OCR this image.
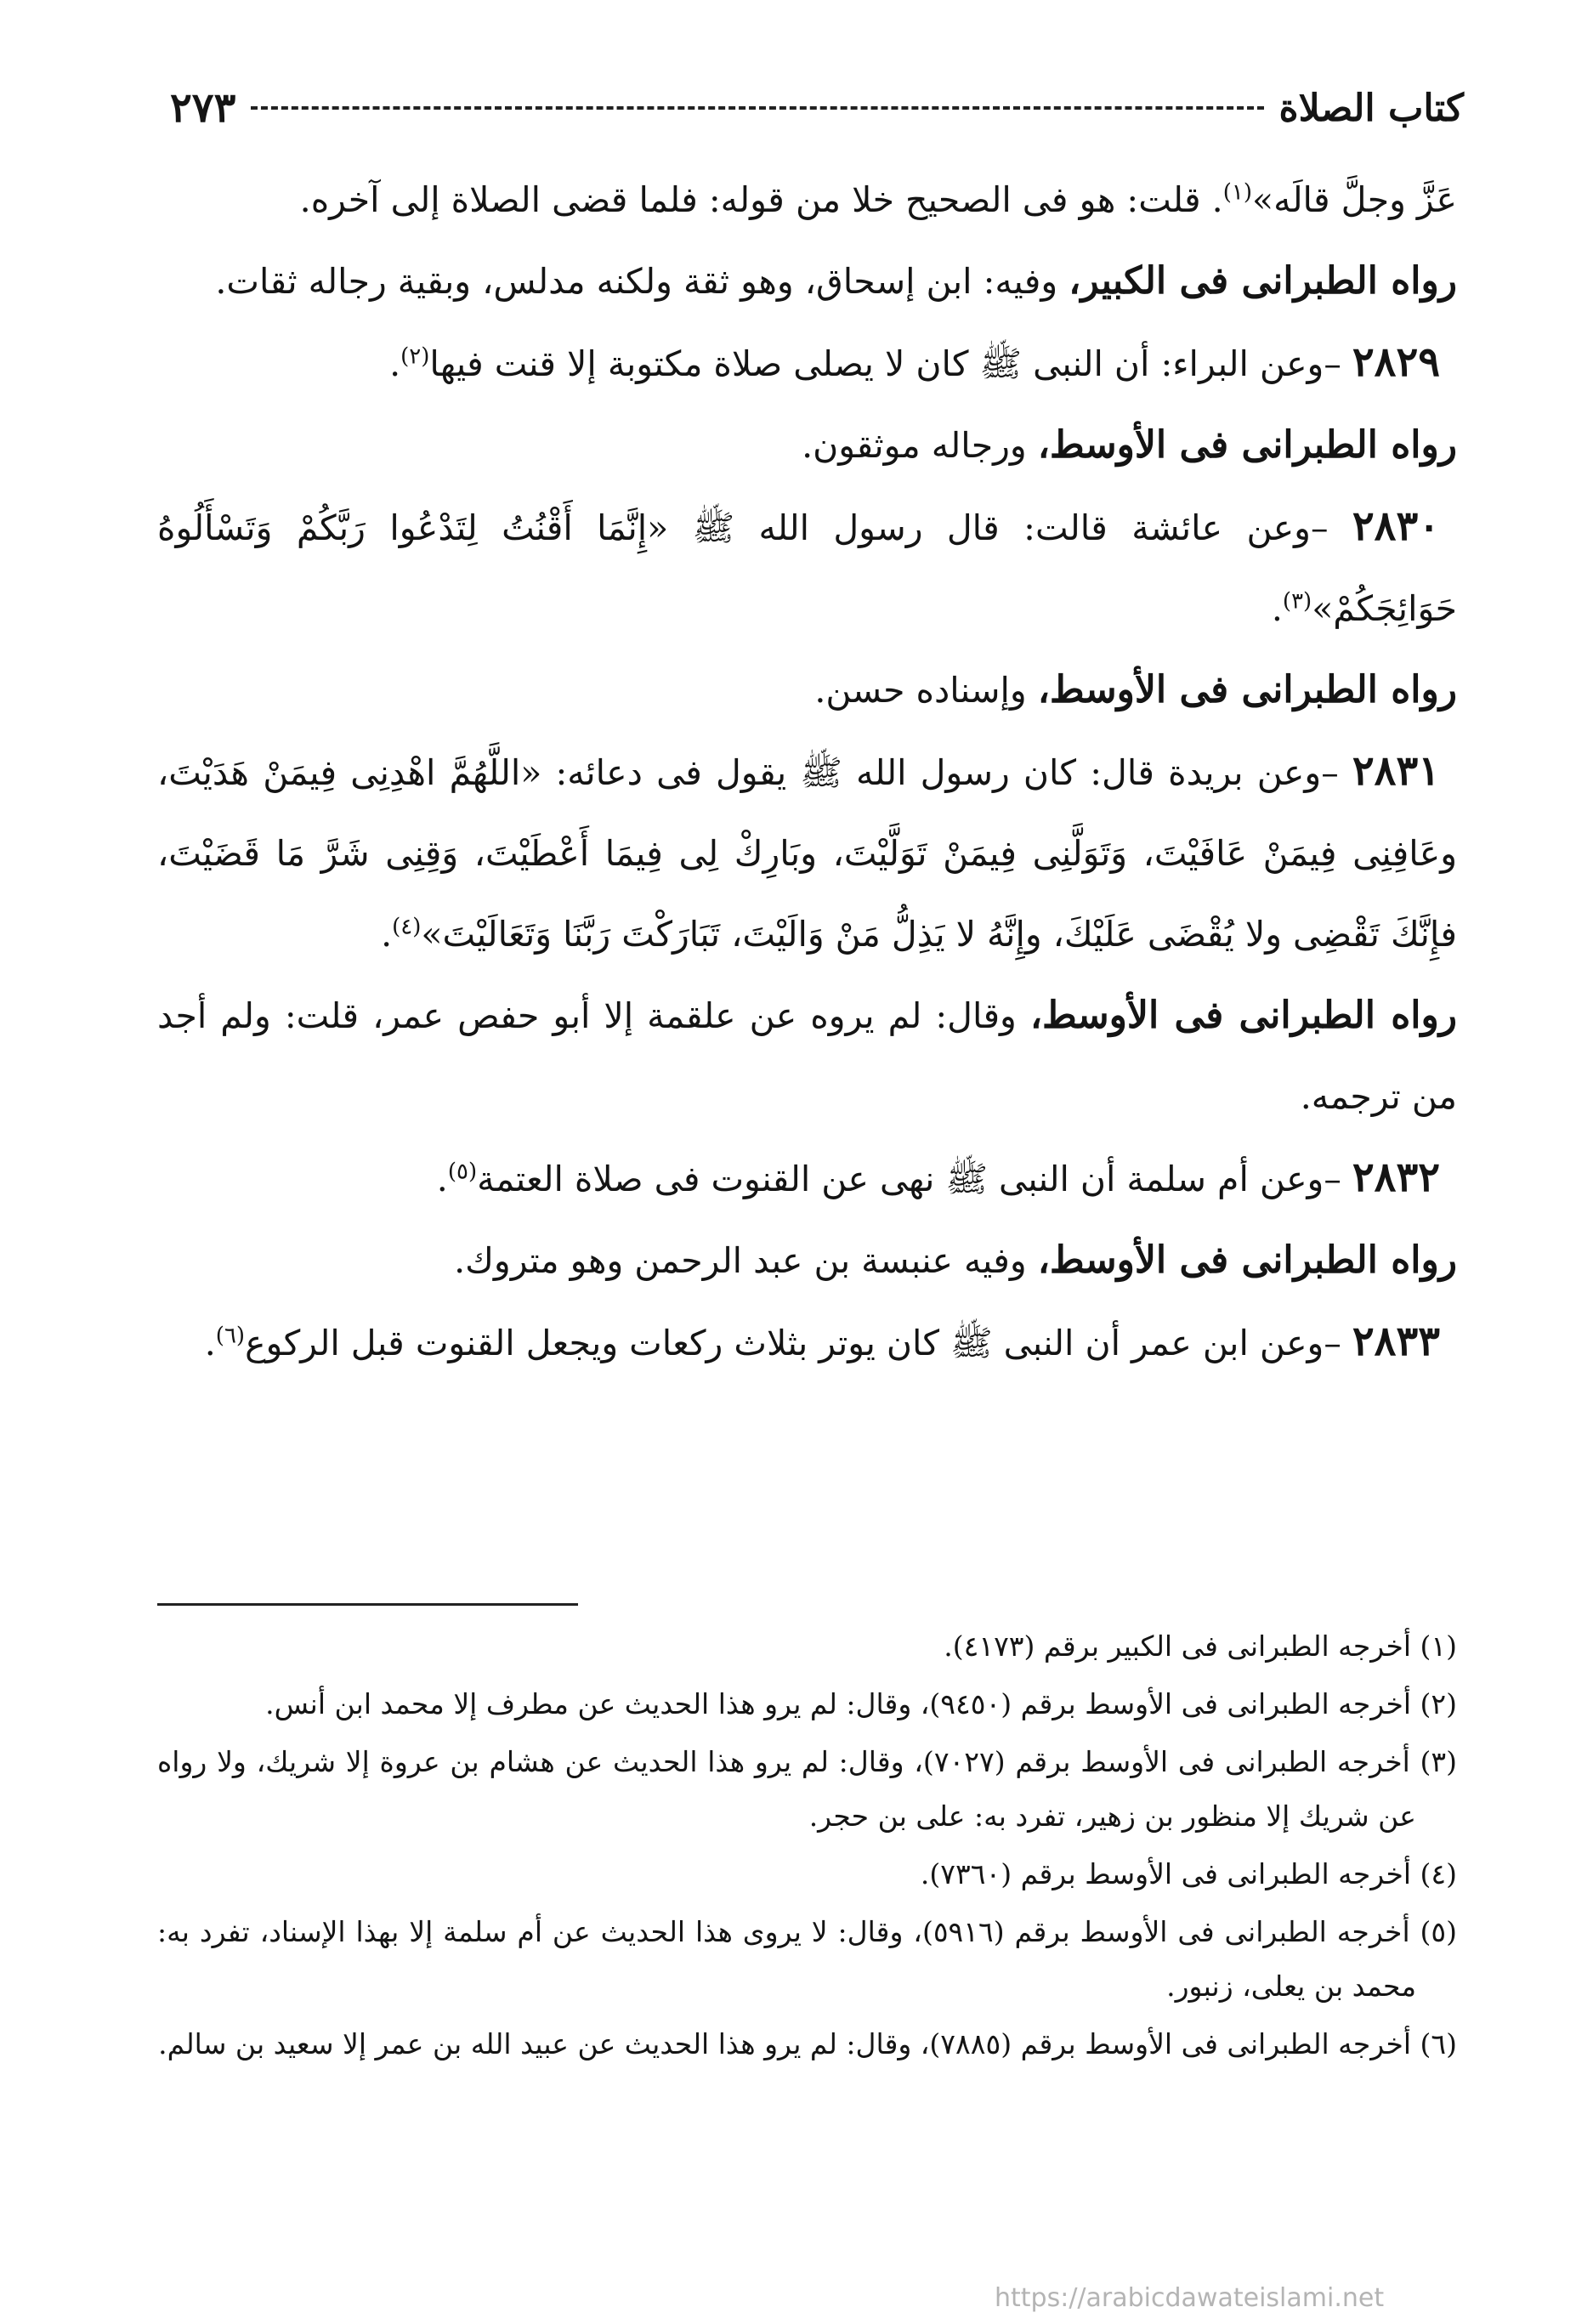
كتاب الصلاة
٢٧٣

عَزَّ وجلَّ قالَه»$^{(١)}$. قلت: هو فى الصحيح خلا من قوله: فلما قضى الصلاة إلى آخره.

رواه الطبرانى فى الكبير، وفيه: ابن إسحاق، وهو ثقة ولكنه مدلس، وبقية رجاله ثقات.

٢٨٢٩ –وعن البراء: أن النبى ﷺ كان لا يصلى صلاة مكتوبة إلا قنت فيها$^{(٢)}$.

رواه الطبرانى فى الأوسط، ورجاله موثقون.

٢٨٣٠ –وعن عائشة قالت: قال رسول الله ﷺ «إِنَّمَا أَقْنُتُ لِتَدْعُوا رَبَّكُمْ وَتَسْأَلُوهُ حَوَائِجَكُمْ»$^{(٣)}$.

رواه الطبرانى فى الأوسط، وإسناده حسن.

٢٨٣١ –وعن بريدة قال: كان رسول الله ﷺ يقول فى دعائه: «اللَّهُمَّ اهْدِنِى فِيمَنْ هَدَيْتَ، وعَافِنِى فِيمَنْ عَافَيْتَ، وَتَوَلَّنِى فِيمَنْ تَوَلَّيْتَ، وبَارِكْ لِى فِيمَا أَعْطَيْتَ، وَقِنِى شَرَّ مَا قَضَيْتَ، فإِنَّكَ تَقْضِى ولا يُقْضَى عَلَيْكَ، وإِنَّهُ لا يَذِلُّ مَنْ وَالَيْتَ، تَبَارَكْتَ رَبَّنَا وَتَعَالَيْتَ»$^{(٤)}$.

رواه الطبرانى فى الأوسط، وقال: لم يروه عن علقمة إلا أبو حفص عمر، قلت: ولم أجد من ترجمه.

٢٨٣٢ –وعن أم سلمة أن النبى ﷺ نهى عن القنوت فى صلاة العتمة$^{(٥)}$.

رواه الطبرانى فى الأوسط، وفيه عنبسة بن عبد الرحمن وهو متروك.

٢٨٣٣ –وعن ابن عمر أن النبى ﷺ كان يوتر بثلاث ركعات ويجعل القنوت قبل الركوع$^{(٦)}$.

(١) أخرجه الطبرانى فى الكبير برقم (٤١٧٣).

(٢) أخرجه الطبرانى فى الأوسط برقم (٩٤٥٠)، وقال: لم يرو هذا الحديث عن مطرف إلا محمد ابن أنس.

(٣) أخرجه الطبرانى فى الأوسط برقم (٧٠٢٧)، وقال: لم يرو هذا الحديث عن هشام بن عروة إلا شريك، ولا رواه عن شريك إلا منظور بن زهير، تفرد به: على بن حجر.

(٤) أخرجه الطبرانى فى الأوسط برقم (٧٣٦٠).

(٥) أخرجه الطبرانى فى الأوسط برقم (٥٩١٦)، وقال: لا يروى هذا الحديث عن أم سلمة إلا بهذا الإسناد، تفرد به: محمد بن يعلى، زنبور.

(٦) أخرجه الطبرانى فى الأوسط برقم (٧٨٨٥)، وقال: لم يرو هذا الحديث عن عبيد الله بن عمر إلا سعيد بن سالم.

https://arabicdawateislami.net
